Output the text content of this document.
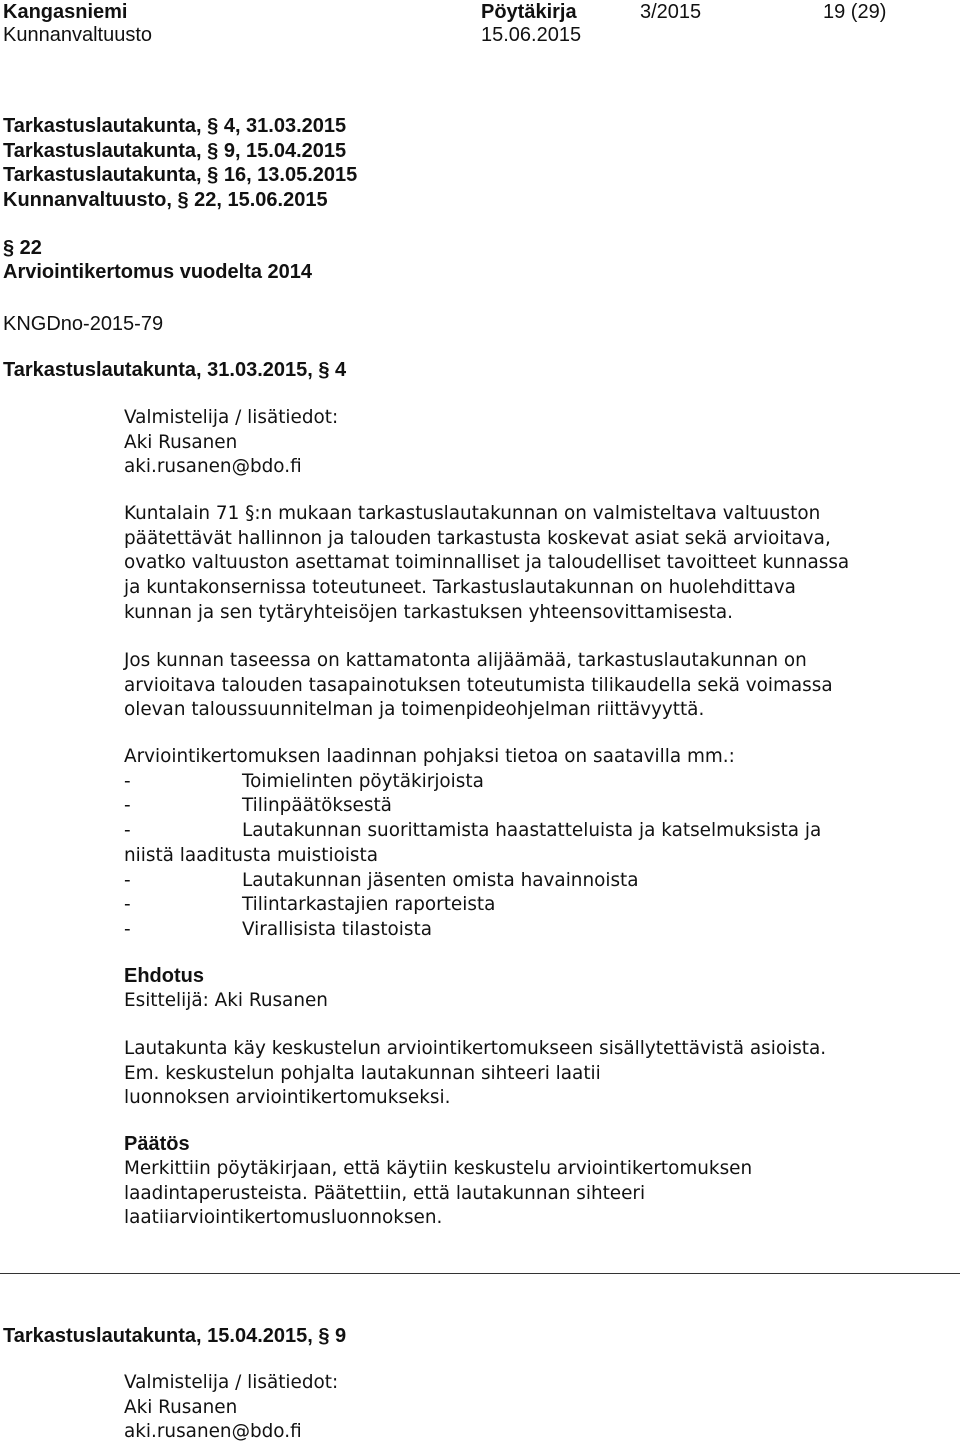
Kangasniemi	Pöytäkirja	3/2015	19 (29)
Kunnanvaltuusto	15.06.2015
Tarkastuslautakunta, § 4, 31.03.2015
Tarkastuslautakunta, § 9, 15.04.2015
Tarkastuslautakunta, § 16, 13.05.2015
Kunnanvaltuusto, § 22, 15.06.2015
§ 22
Arviointikertomus vuodelta 2014
KNGDno-2015-79
Tarkastuslautakunta, 31.03.2015, § 4
Valmistelija / lisätiedot:
Aki Rusanen
aki.rusanen@bdo.fi
Kuntalain 71 §:n mukaan tarkastuslautakunnan on valmisteltava valtuuston
päätettävät hallinnon ja talouden tarkastusta koskevat asiat sekä arvioitava,
ovatko valtuuston asettamat toiminnalliset ja taloudelliset tavoitteet kunnassa
ja kuntakonsernissa toteutuneet. Tarkastuslautakunnan on huolehdittava
kunnan ja sen tytäryhteisöjen tarkastuksen yhteensovittamisesta.
Jos kunnan taseessa on kattamatonta alijäämää, tarkastuslautakunnan on
arvioitava talouden tasapainotuksen toteutumista tilikaudella sekä voimassa
olevan taloussuunnitelman ja toimenpideohjelman riittävyyttä.
Arviointikertomuksen laadinnan pohjaksi tietoa on saatavilla mm.:
-	Toimielinten pöytäkirjoista
-	Tilinpäätöksestä
-	Lautakunnan suorittamista haastatteluista ja katselmuksista ja
niistä laaditusta muistioista
-	Lautakunnan jäsenten omista havainnoista
-	Tilintarkastajien raporteista
-	Virallisista tilastoista
Ehdotus
Esittelijä: Aki Rusanen
Lautakunta käy keskustelun arviointikertomukseen sisällytettävistä asioista.
Em. keskustelun pohjalta lautakunnan sihteeri laatii
luonnoksen arviointikertomukseksi.
Päätös
Merkittiin pöytäkirjaan, että käytiin keskustelu arviointikertomuksen
laadintaperusteista. Päätettiin, että lautakunnan sihteeri
laatiiarviointikertomusluonnoksen.
Tarkastuslautakunta, 15.04.2015, § 9
Valmistelija / lisätiedot:
Aki Rusanen
aki.rusanen@bdo.fi
